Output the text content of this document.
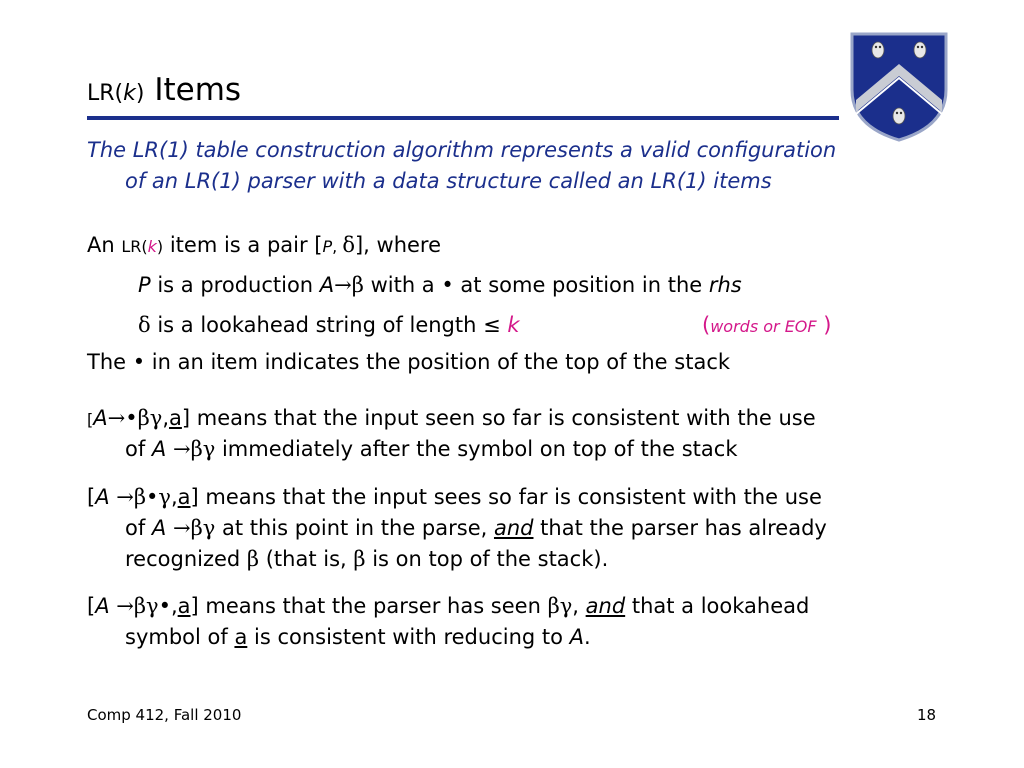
LR(k) Items
The LR(1) table construction algorithm represents a valid configuration
of an LR(1) parser with a data structure called an LR(1) items
An LR(k) item is a pair [P, δ], where
P is a production A→β with a • at some position in the rhs
δ is a lookahead string of length ≤ k	(words or EOF )
The • in an item indicates the position of the top of the stack
[A→•βγ,a] means that the input seen so far is consistent with the use
of A →βγ immediately after the symbol on top of the stack
[A →β•γ,a] means that the input sees so far is consistent with the use
of A →βγ at this point in the parse, and that the parser has already
recognized β (that is, β is on top of the stack).
[A →βγ•,a] means that the parser has seen βγ, and that a lookahead
symbol of a is consistent with reducing to A.
Comp 412, Fall 2010	18
